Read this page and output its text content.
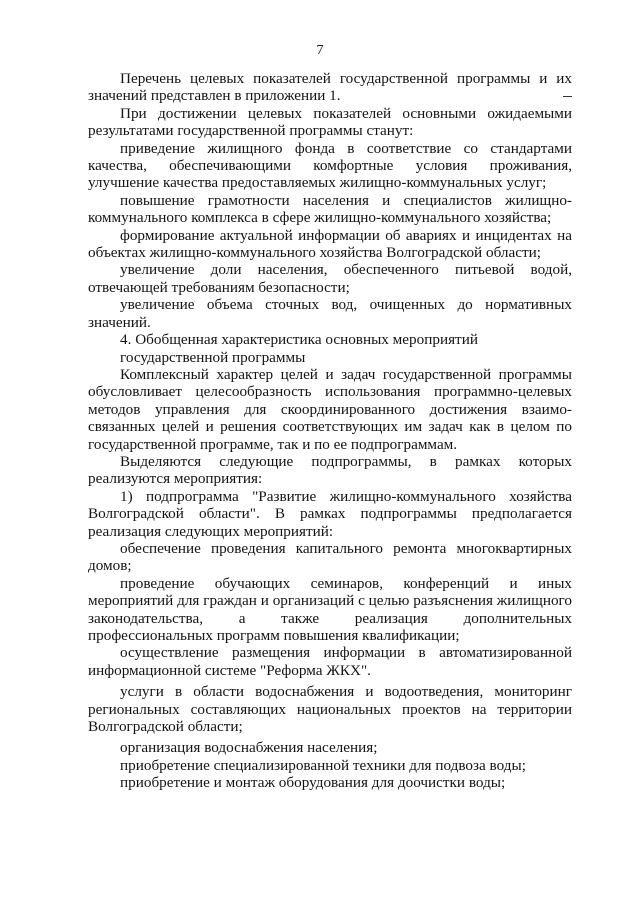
7

Перечень целевых показателей государственной программы и их значений представлен в приложении 1.

При достижении целевых показателей основными ожидаемыми результатами государственной программы станут:

приведение жилищного фонда в соответствие со стандартами качества, обеспечивающими комфортные условия проживания, улучшение качества предоставляемых жилищно-коммунальных услуг;

повышение грамотности населения и специалистов жилищно-коммунального комплекса в сфере жилищно-коммунального хозяйства;

формирование актуальной информации об авариях и инцидентах на объектах жилищно-коммунального хозяйства Волгоградской области;

увеличение доли населения, обеспеченного питьевой водой, отвечающей требованиям безопасности;

увеличение объема сточных вод, очищенных до нормативных значений.

4. Обобщенная характеристика основных мероприятий
государственной программы

Комплексный характер целей и задач государственной программы обусловливает целесообразность использования программно-целевых методов управления для скоординированного достижения взаимо-связанных целей и решения соответствующих им задач как в целом по государственной программе, так и по ее подпрограммам.

Выделяются следующие подпрограммы, в рамках которых реализуются мероприятия:

1) подпрограмма "Развитие жилищно-коммунального хозяйства Волгоградской области". В рамках подпрограммы предполагается реализация следующих мероприятий:

обеспечение проведения капитального ремонта многоквартирных домов;

проведение обучающих семинаров, конференций и иных мероприятий для граждан и организаций с целью разъяснения жилищного законодательства, а также реализация дополнительных профессиональных программ повышения квалификации;

осуществление размещения информации в автоматизированной информационной системе "Реформа ЖКХ".

услуги в области водоснабжения и водоотведения, мониторинг региональных составляющих национальных проектов на территории Волгоградской области;

организация водоснабжения населения;

приобретение специализированной техники для подвоза воды;

приобретение и монтаж оборудования для доочистки воды;
